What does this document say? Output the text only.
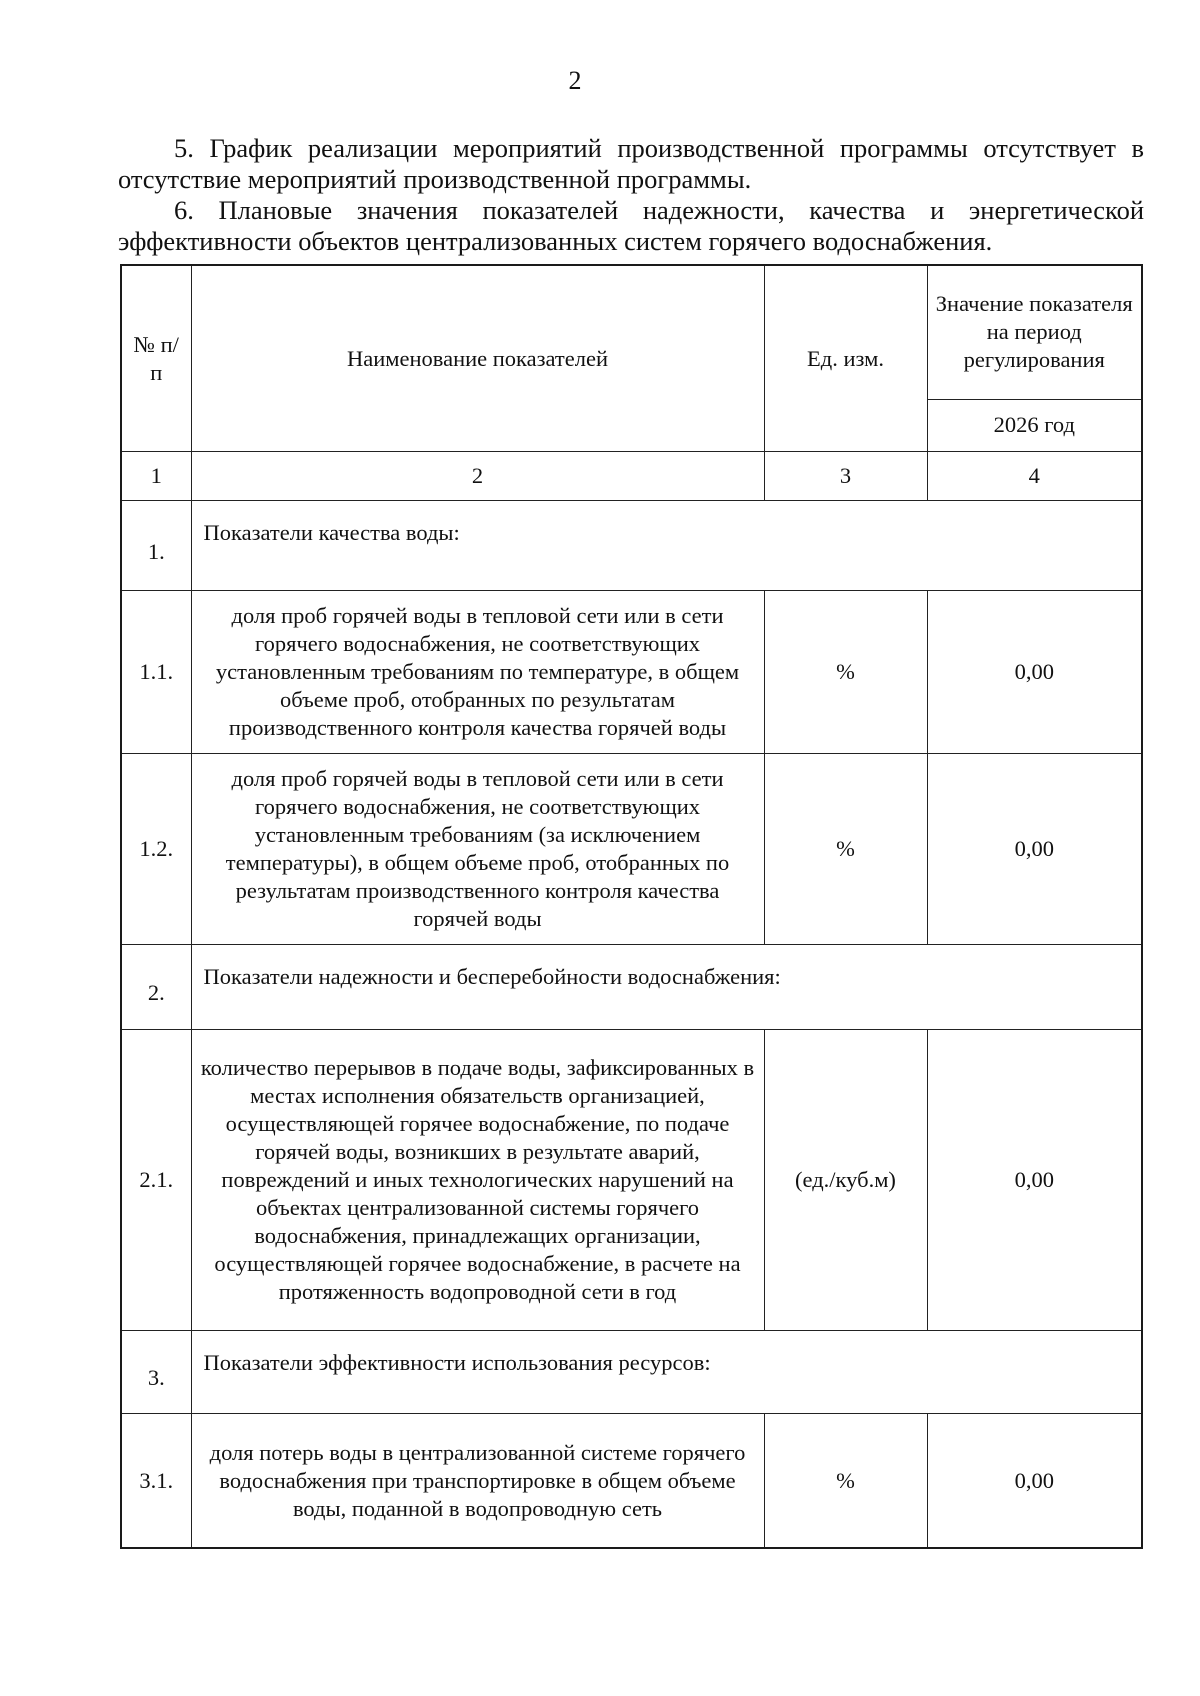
2
5. График реализации мероприятий производственной программы отсутствует в отсутствие мероприятий производственной программы.
6. Плановые значения показателей надежности, качества и энергетической эффективности объектов централизованных систем горячего водоснабжения.
№ п/п	Наименование показателей	Ед. изм.	Значение показателя на период регулирования
			2026 год
1	2	3	4
1.	Показатели качества воды:		
1.1.	доля проб горячей воды в тепловой сети или в сети горячего водоснабжения, не соответствующих установленным требованиям по температуре, в общем объеме проб, отобранных по результатам производственного контроля качества горячей воды	%	0,00
1.2.	доля проб горячей воды в тепловой сети или в сети горячего водоснабжения, не соответствующих установленным требованиям (за исключением температуры), в общем объеме проб, отобранных по результатам производственного контроля качества горячей воды	%	0,00
2.	Показатели надежности и бесперебойности водоснабжения:		
2.1.	количество перерывов в подаче воды, зафиксированных в местах исполнения обязательств организацией, осуществляющей горячее водоснабжение, по подаче горячей воды, возникших в результате аварий, повреждений и иных технологических нарушений на объектах централизованной системы горячего водоснабжения, принадлежащих организации, осуществляющей горячее водоснабжение, в расчете на протяженность водопроводной сети в год	(ед./куб.м)	0,00
3.	Показатели эффективности использования ресурсов:		
3.1.	доля потерь воды в централизованной системе горячего водоснабжения при транспортировке в общем объеме воды, поданной в водопроводную сеть	%	0,00
